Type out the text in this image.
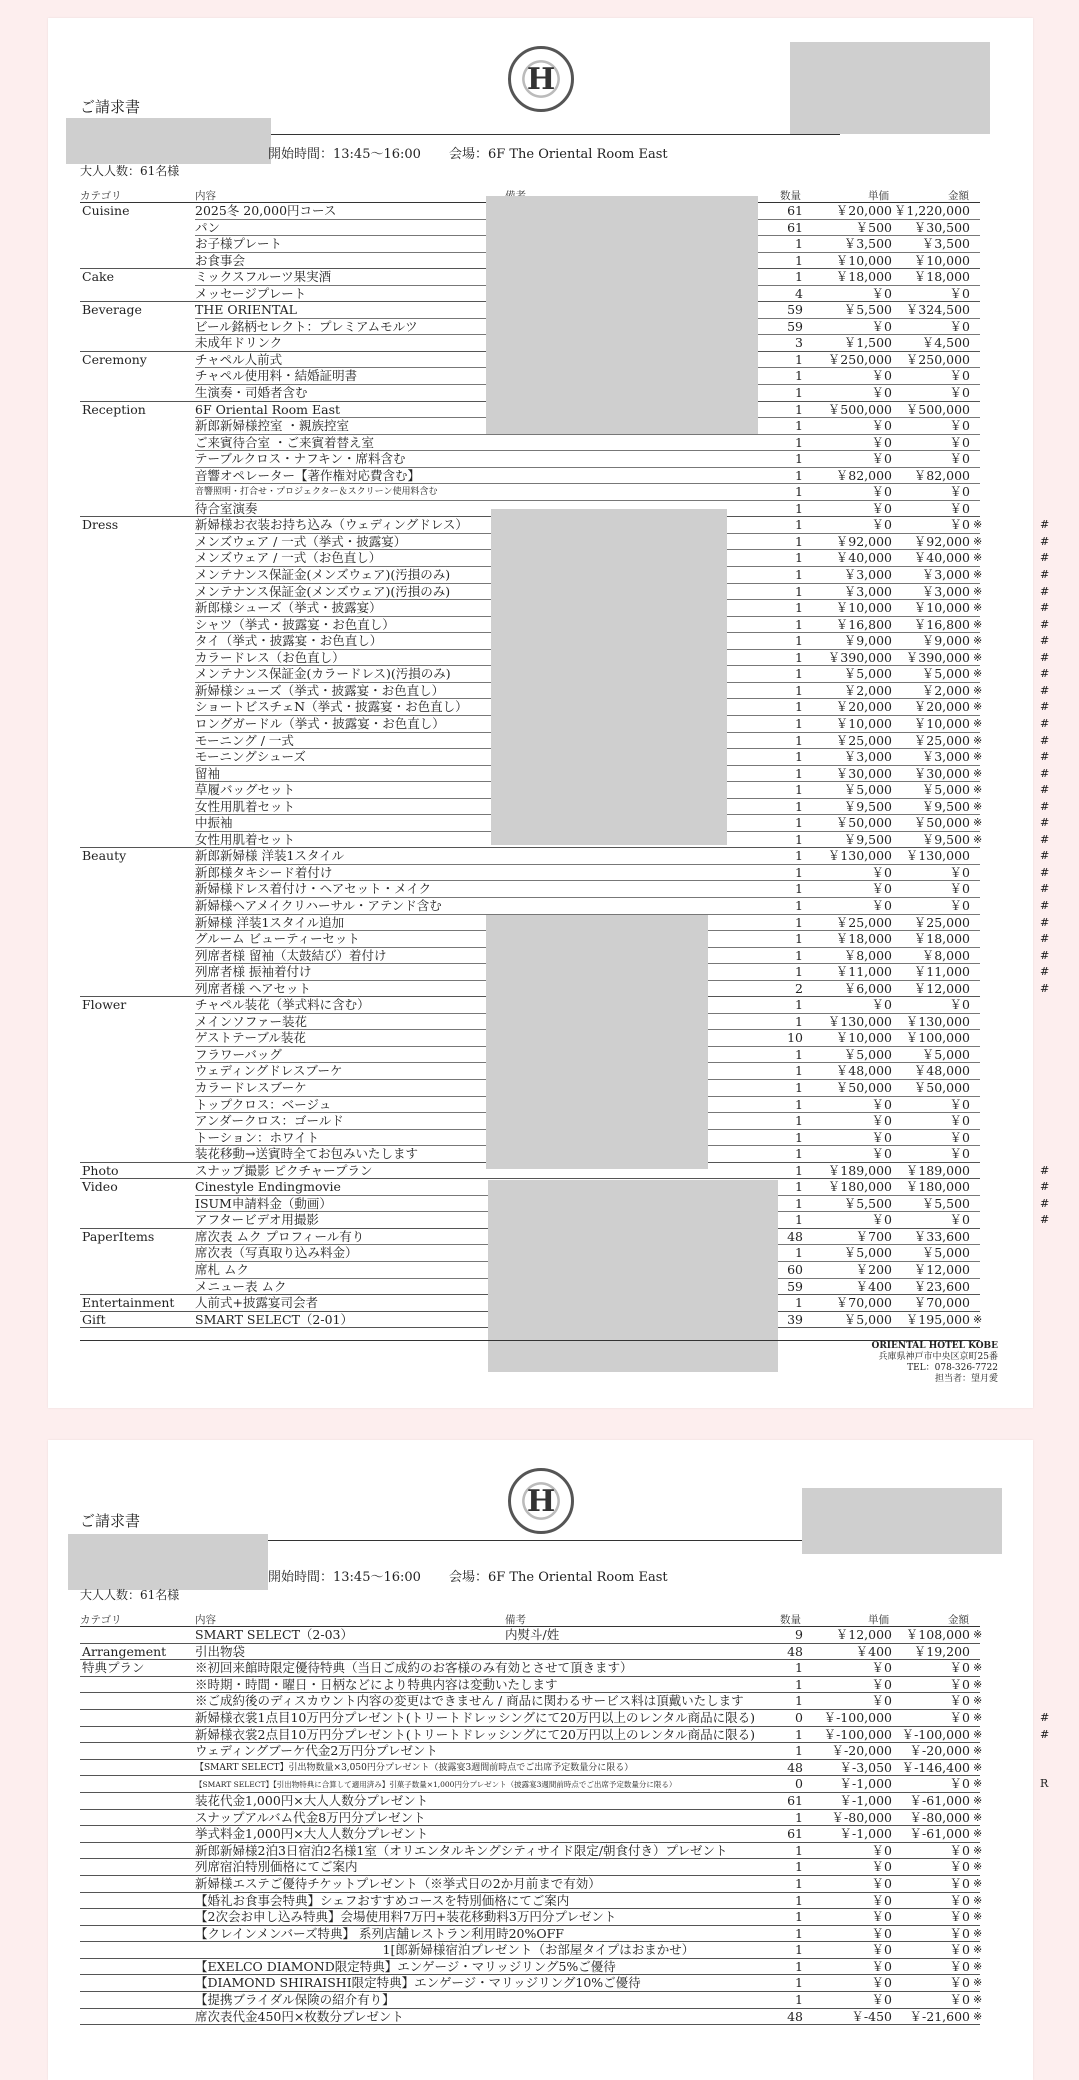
H
ご請求書
開始時間：13:45～16:00 会場：6F The Oriental Room East
大人人数：61名様
カテゴリ	内容	数量	単価	金額
Cuisine	2025冬 20,000円コース	61	￥20,000 ￥1,220,000
パン	61	￥500 ￥30,500
お子様プレート	1	￥3,500 ￥3,500
お食事会	1	￥10,000 ￥10,000
Cake	ミックスフルーツ果実酒	1	￥18,000 ￥18,000
メッセージプレート	4	￥0	￥0
Beverage	THE ORIENTAL	59	￥5,500 ￥324,500
ビール銘柄セレクト：プレミアムモルツ	59	￥0	￥0
未成年ドリンク	3	￥1,500 ￥4,500
Ceremony	チャペル人前式	1 ￥250,000 ￥250,000
チャペル使用料・結婚証明書	1	￥0	￥0
生演奏・司婚者含む	1	￥0	￥0
Reception	6F Oriental Room East	1 ￥500,000 ￥500,000
新郎新婦様控室 ・親族控室	1	￥0	￥0
ご来賓待合室 ・ご来賓着替え室	1	￥0	￥0
テーブルクロス・ナフキン・席料含む	1	￥0	￥0
音響オペレーター【著作権対応費含む】	1	￥82,000 ￥82,000
音響照明・打合せ・プロジェクター＆スクリーン使用料含む	1	￥0	￥0
待合室演奏	1	￥0	￥0
Dress	新婦様お衣装お持ち込み（ウェディングドレス）	1	￥0	￥0 ※	#
メンズウェア / 一式（挙式・披露宴）	1	￥92,000 ￥92,000 ※	#
メンズウェア / 一式（お色直し）	1	￥40,000 ￥40,000 ※	#
メンテナンス保証金(メンズウェア)(汚損のみ)	1	￥3,000 ￥3,000 ※	#
メンテナンス保証金(メンズウェア)(汚損のみ)	1	￥3,000 ￥3,000 ※	#
新郎様シューズ（挙式・披露宴）	1	￥10,000 ￥10,000 ※	#
シャツ（挙式・披露宴・お色直し）	1	￥16,800 ￥16,800 ※	#
タイ（挙式・披露宴・お色直し）	1	￥9,000 ￥9,000 ※	#
カラードレス（お色直し）	1 ￥390,000 ￥390,000 ※	#
メンテナンス保証金(カラードレス)(汚損のみ)	1	￥5,000 ￥5,000 ※	#
新婦様シューズ（挙式・披露宴・お色直し）	1	￥2,000 ￥2,000 ※	#
ショートビスチェN（挙式・披露宴・お色直し）	1	￥20,000 ￥20,000 ※	#
ロングガードル（挙式・披露宴・お色直し）	1	￥10,000 ￥10,000 ※	#
モーニング / 一式	1	￥25,000 ￥25,000 ※	#
モーニングシューズ	1	￥3,000 ￥3,000 ※	#
留袖	1	￥30,000 ￥30,000 ※	#
草履バッグセット	1	￥5,000 ￥5,000 ※	#
女性用肌着セット	1	￥9,500 ￥9,500 ※	#
中振袖	1	￥50,000 ￥50,000 ※	#
女性用肌着セット	1	￥9,500 ￥9,500 ※	#
Beauty	新郎新婦様 洋装1スタイル	1 ￥130,000 ￥130,000	#
新郎様タキシード着付け	1	￥0	￥0	#
新婦様ドレス着付け・ヘアセット・メイク	1	￥0	￥0	#
新婦様ヘアメイクリハーサル・アテンド含む	1	￥0	￥0	#
新婦様 洋装1スタイル追加	1	￥25,000 ￥25,000	#
グルーム ビューティーセット	1	￥18,000 ￥18,000	#
列席者様 留袖（太鼓結び）着付け	1	￥8,000 ￥8,000	#
列席者様 振袖着付け	1	￥11,000 ￥11,000	#
列席者様 ヘアセット	2	￥6,000 ￥12,000	#
Flower	チャペル装花（挙式料に含む）	1	￥0	￥0
メインソファー装花	1 ￥130,000 ￥130,000
ゲストテーブル装花	10	￥10,000 ￥100,000
フラワーバッグ	1	￥5,000 ￥5,000
ウェディングドレスブーケ	1	￥48,000 ￥48,000
カラードレスブーケ	1	￥50,000 ￥50,000
トップクロス：ベージュ	1	￥0	￥0
アンダークロス：ゴールド	1	￥0	￥0
トーション：ホワイト	1	￥0	￥0
装花移動→送賓時全てお包みいたします	1	￥0	￥0
Photo	スナップ撮影 ピクチャープラン	1 ￥189,000 ￥189,000	#
Video	Cinestyle Endingmovie	1 ￥180,000 ￥180,000	#
ISUM申請料金（動画）	1	￥5,500 ￥5,500	#
アフタービデオ用撮影	1	￥0	￥0	#
PaperItems	席次表 ムク プロフィール有り	48	￥700 ￥33,600
席次表（写真取り込み料金）	1	￥5,000 ￥5,000
席札 ムク	60	￥200 ￥12,000
メニュー表 ムク	59	￥400 ￥23,600
Entertainment	人前式+披露宴司会者	1	￥70,000 ￥70,000
Gift	SMART SELECT（2-01）	39	￥5,000 ￥195,000 ※
ORIENTAL HOTEL KOBE
兵庫県神戸市中央区京町25番
TEL：078-326-7722
担当者：望月愛
H
ご請求書
開始時間：13:45～16:00 会場：6F The Oriental Room East
大人人数：61名様
カテゴリ	内容	備考	数量	単価	金額
SMART SELECT（2-03）	内熨斗/姓	9	￥12,000 ￥108,000 ※
Arrangement	引出物袋	48	￥400 ￥19,200
特典プラン	※初回来館時限定優待特典（当日ご成約のお客様のみ有効とさせて頂きます）	1	￥0	￥0 ※
※時期・時間・曜日・日柄などにより特典内容は変動いたします	1	￥0	￥0 ※
※ご成約後のディスカウント内容の変更はできません / 商品に関わるサービス料は頂戴いたします	1	￥0	￥0 ※
新婦様衣裳1点目10万円分プレゼント(トリートドレッシングにて20万円以上のレンタル商品に限る)	0 ￥-100,000	￥0 ※	#
新婦様衣裳2点目10万円分プレゼント(トリートドレッシングにて20万円以上のレンタル商品に限る)	1 ￥-100,000 ￥-100,000 ※	#
ウェディングブーケ代金2万円分プレゼント	1 ￥-20,000 ￥-20,000 ※
【SMART SELECT】引出物数量×3,050円分プレゼント（披露宴3週間前時点でご出席予定数量分に限る）	48	￥-3,050 ￥-146,400 ※
【SMART SELECT】【引出物特典に合算して適用済み】引菓子数量×1,000円分プレゼント（披露宴3週間前時点でご出席予定数量分に限る）	0	￥-1,000	￥0 ※	R
装花代金1,000円×大人人数分プレゼント	61	￥-1,000 ￥-61,000 ※
スナップアルバム代金8万円分プレゼント	1 ￥-80,000 ￥-80,000 ※
挙式料金1,000円×大人人数分プレゼント	61	￥-1,000 ￥-61,000 ※
新郎新婦様2泊3日宿泊2名様1室（オリエンタルキングシティサイド限定/朝食付き）プレゼント	1	￥0	￥0 ※
列席宿泊特別価格にてご案内	1	￥0	￥0 ※
新婦様エステご優待チケットプレゼント（※挙式日の2か月前まで有効）	1	￥0	￥0 ※
【婚礼お食事会特典】シェフおすすめコースを特別価格にてご案内	1	￥0	￥0 ※
【2次会お申し込み特典】会場使用料7万円+装花移動料3万円分プレゼント	1	￥0	￥0 ※
【クレインメンバーズ特典】 系列店舗レストラン利用時20%OFF	1	￥0	￥0 ※
　　　　　　　　　　　　　　　1[郎新婦様宿泊プレゼント（お部屋タイプはおまかせ）	1	￥0	￥0 ※
【EXELCO DIAMOND限定特典】エンゲージ・マリッジリング5%ご優待	1	￥0	￥0 ※
【DIAMOND SHIRAISHI限定特典】エンゲージ・マリッジリング10%ご優待	1	￥0	￥0 ※
【提携ブライダル保険の紹介有り】	1	￥0	￥0 ※
席次表代金450円×枚数分プレゼント	48	￥-450 ￥-21,600 ※
